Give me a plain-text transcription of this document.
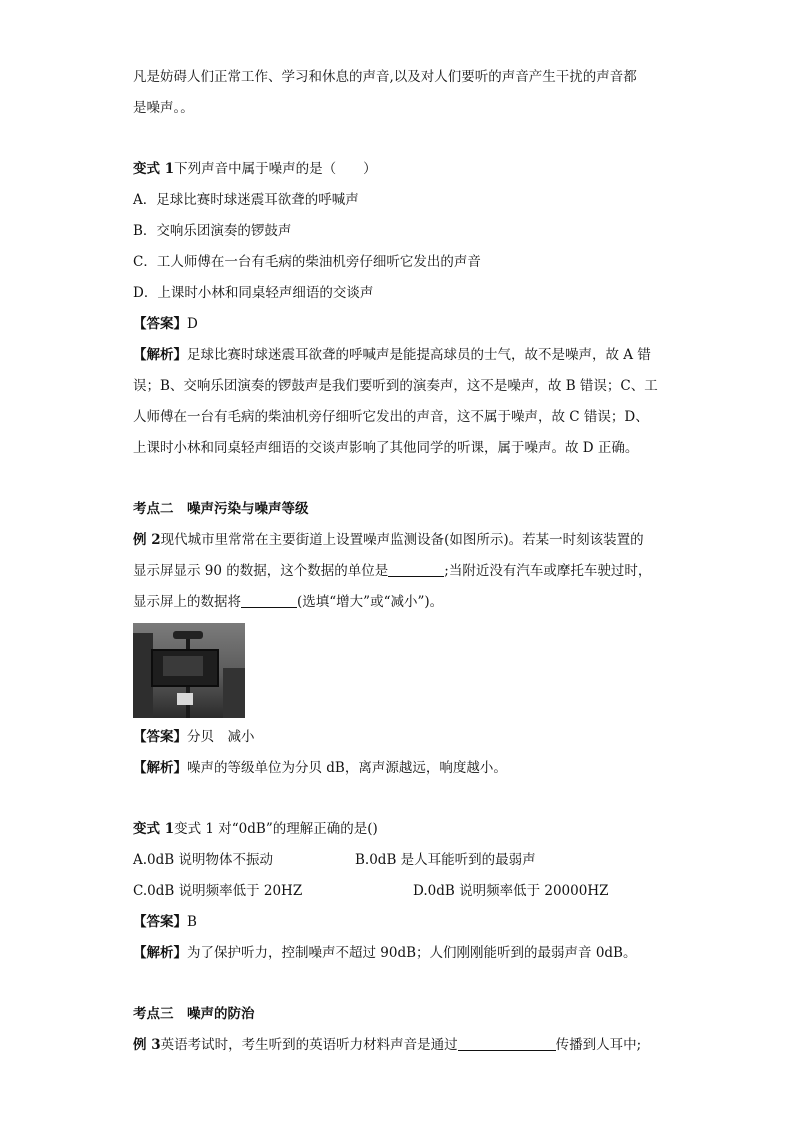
凡是妨碍人们正常工作、学习和休息的声音,以及对人们要听的声音产生干扰的声音都

是噪声。。

变式 1下列声音中属于噪声的是（　　）

A．足球比赛时球迷震耳欲聋的呼喊声

B．交响乐团演奏的锣鼓声

C．工人师傅在一台有毛病的柴油机旁仔细听它发出的声音

D．上课时小林和同桌轻声细语的交谈声

【答案】D

【解析】足球比赛时球迷震耳欲聋的呼喊声是能提高球员的士气，故不是噪声，故 A 错

误；B、交响乐团演奏的锣鼓声是我们要听到的演奏声，这不是噪声，故 B 错误；C、工

人师傅在一台有毛病的柴油机旁仔细听它发出的声音，这不属于噪声，故 C 错误；D、

上课时小林和同桌轻声细语的交谈声影响了其他同学的听课，属于噪声。故 D 正确。

考点二　噪声污染与噪声等级

例 2现代城市里常常在主要街道上设置噪声监测设备(如图所示)。若某一时刻该装置的

显示屏显示 90 的数据，这个数据的单位是	;当附近没有汽车或摩托车驶过时，

显示屏上的数据将	(选填“增大”或“减小”)。

【答案】分贝　减小

【解析】噪声的等级单位为分贝 dB，离声源越远，响度越小。

变式 1变式 1 对“0dB”的理解正确的是()

A.0dB 说明物体不振动	B.0dB 是人耳能听到的最弱声
C.0dB 说明频率低于 20HZ	D.0dB 说明频率低于 20000HZ

【答案】B

【解析】为了保护听力，控制噪声不超过 90dB；人们刚刚能听到的最弱声音 0dB。

考点三　噪声的防治

例 3英语考试时，考生听到的英语听力材料声音是通过	传播到人耳中;
